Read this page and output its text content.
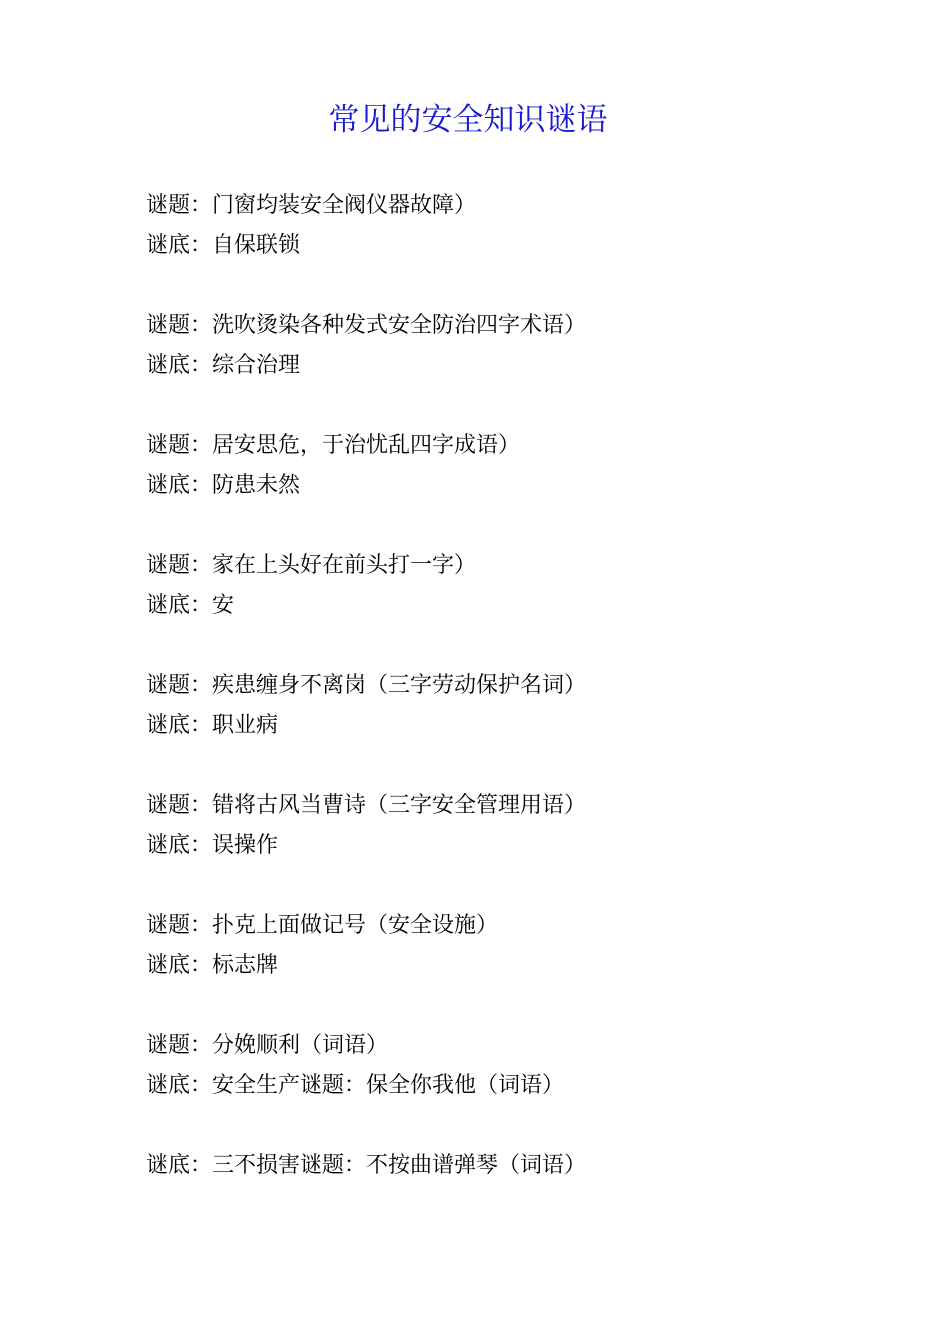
常见的安全知识谜语
谜题：门窗均装安全阀仪器故障）
谜底：自保联锁
谜题：洗吹烫染各种发式安全防治四字术语）
谜底：综合治理
谜题：居安思危，于治忧乱四字成语）
谜底：防患未然
谜题：家在上头好在前头打一字）
谜底：安
谜题：疾患缠身不离岗（三字劳动保护名词）
谜底：职业病
谜题：错将古风当曹诗（三字安全管理用语）
谜底：误操作
谜题：扑克上面做记号（安全设施）
谜底：标志牌
谜题：分娩顺利（词语）
谜底：安全生产谜题：保全你我他（词语）
谜底：三不损害谜题：不按曲谱弹琴（词语）
